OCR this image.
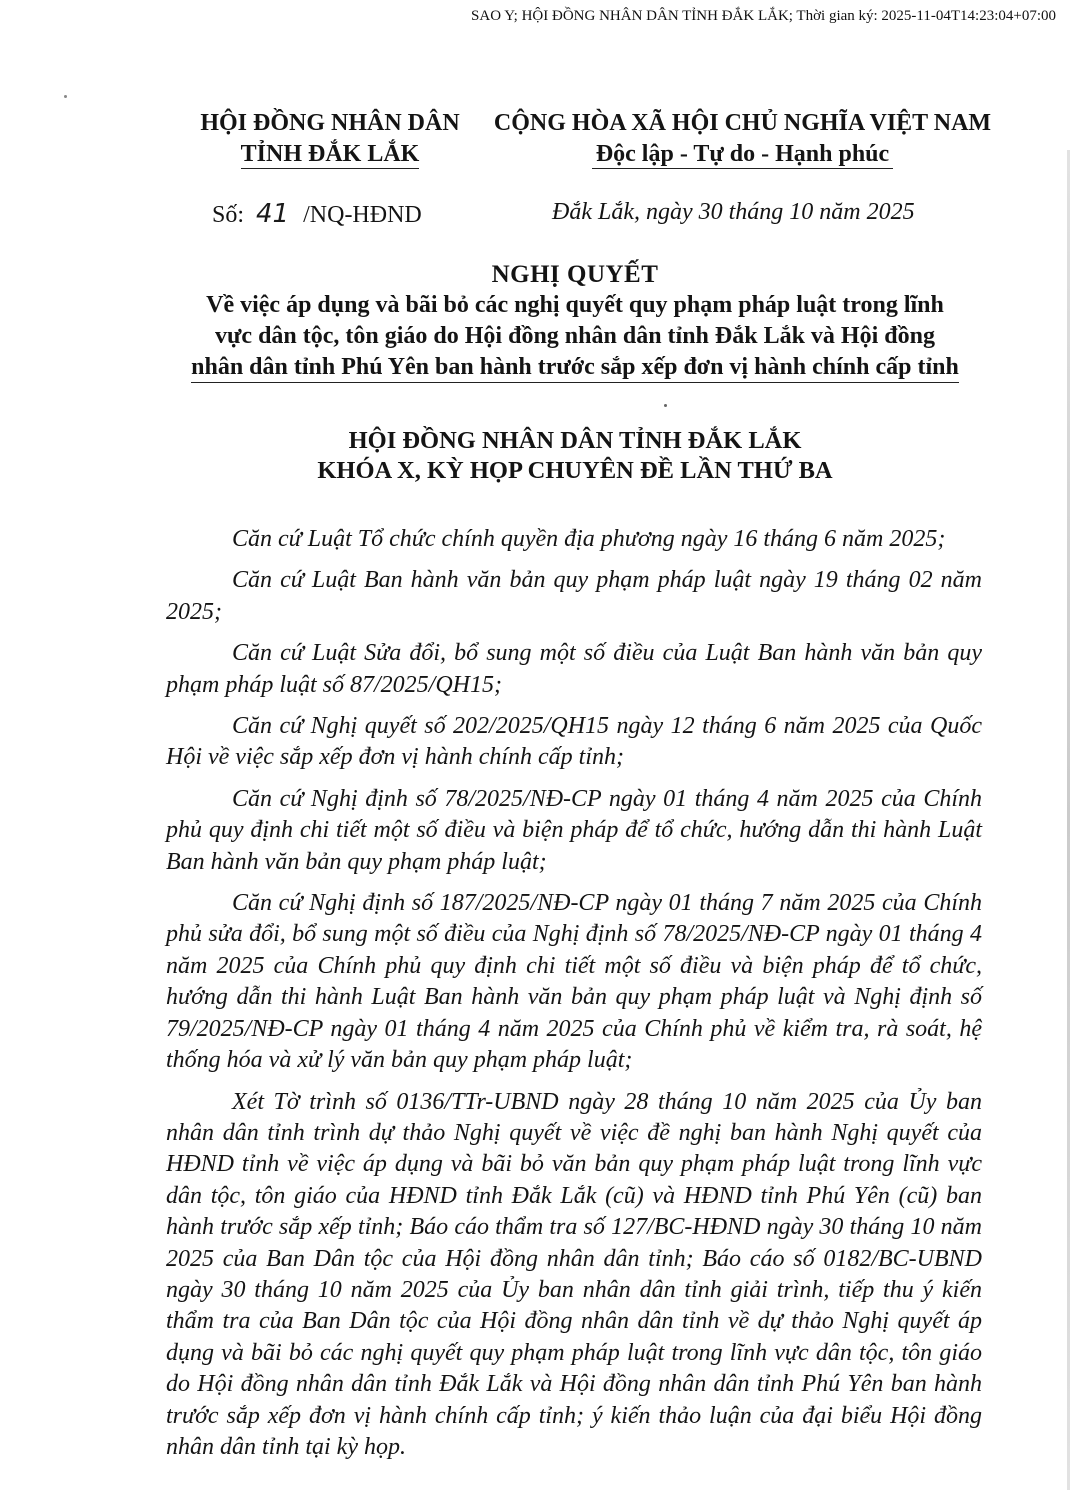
SAO Y; HỘI ĐỒNG NHÂN DÂN TỈNH ĐẮK LẮK; Thời gian ký: 2025-11-04T14:23:04+07:00
HỘI ĐỒNG NHÂN DÂN
TỈNH ĐẮK LẮK
CỘNG HÒA XÃ HỘI CHỦ NGHĨA VIỆT NAM
Độc lập - Tự do - Hạnh phúc
Số: 41 /NQ-HĐND	Đắk Lắk, ngày 30 tháng 10 năm 2025
NGHỊ QUYẾT
Về việc áp dụng và bãi bỏ các nghị quyết quy phạm pháp luật trong lĩnh
vực dân tộc, tôn giáo do Hội đồng nhân dân tỉnh Đắk Lắk và Hội đồng
nhân dân tỉnh Phú Yên ban hành trước sắp xếp đơn vị hành chính cấp tỉnh
HỘI ĐỒNG NHÂN DÂN TỈNH ĐẮK LẮK
KHÓA X, KỲ HỌP CHUYÊN ĐỀ LẦN THỨ BA

Căn cứ Luật Tổ chức chính quyền địa phương ngày 16 tháng 6 năm 2025;

Căn cứ Luật Ban hành văn bản quy phạm pháp luật ngày 19 tháng 02 năm 2025;

Căn cứ Luật Sửa đổi, bổ sung một số điều của Luật Ban hành văn bản quy phạm pháp luật số 87/2025/QH15;

Căn cứ Nghị quyết số 202/2025/QH15 ngày 12 tháng 6 năm 2025 của Quốc Hội về việc sắp xếp đơn vị hành chính cấp tỉnh;

Căn cứ Nghị định số 78/2025/NĐ-CP ngày 01 tháng 4 năm 2025 của Chính phủ quy định chi tiết một số điều và biện pháp để tổ chức, hướng dẫn thi hành Luật Ban hành văn bản quy phạm pháp luật;

Căn cứ Nghị định số 187/2025/NĐ-CP ngày 01 tháng 7 năm 2025 của Chính phủ sửa đổi, bổ sung một số điều của Nghị định số 78/2025/NĐ-CP ngày 01 tháng 4 năm 2025 của Chính phủ quy định chi tiết một số điều và biện pháp để tổ chức, hướng dẫn thi hành Luật Ban hành văn bản quy phạm pháp luật và Nghị định số 79/2025/NĐ-CP ngày 01 tháng 4 năm 2025 của Chính phủ về kiểm tra, rà soát, hệ thống hóa và xử lý văn bản quy phạm pháp luật;

Xét Tờ trình số 0136/TTr-UBND ngày 28 tháng 10 năm 2025 của Ủy ban nhân dân tỉnh trình dự thảo Nghị quyết về việc đề nghị ban hành Nghị quyết của HĐND tỉnh về việc áp dụng và bãi bỏ văn bản quy phạm pháp luật trong lĩnh vực dân tộc, tôn giáo của HĐND tỉnh Đắk Lắk (cũ) và HĐND tỉnh Phú Yên (cũ) ban hành trước sắp xếp tỉnh; Báo cáo thẩm tra số 127/BC-HĐND ngày 30 tháng 10 năm 2025 của Ban Dân tộc của Hội đồng nhân dân tỉnh; Báo cáo số 0182/BC-UBND ngày 30 tháng 10 năm 2025 của Ủy ban nhân dân tỉnh giải trình, tiếp thu ý kiến thẩm tra của Ban Dân tộc của Hội đồng nhân dân tỉnh về dự thảo Nghị quyết áp dụng và bãi bỏ các nghị quyết quy phạm pháp luật trong lĩnh vực dân tộc, tôn giáo do Hội đồng nhân dân tỉnh Đắk Lắk và Hội đồng nhân dân tỉnh Phú Yên ban hành trước sắp xếp đơn vị hành chính cấp tỉnh; ý kiến thảo luận của đại biểu Hội đồng nhân dân tỉnh tại kỳ họp.
